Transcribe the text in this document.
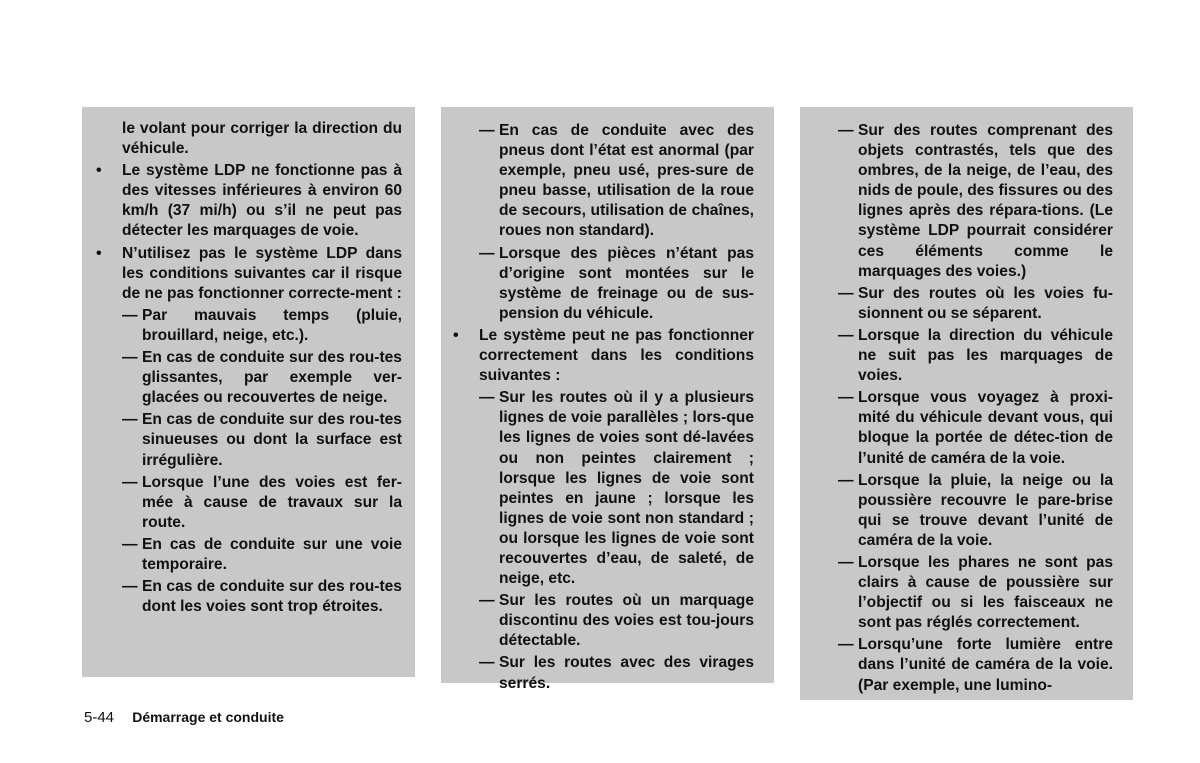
le volant pour corriger la direction du véhicule.

• Le système LDP ne fonctionne pas à des vitesses inférieures à environ 60 km/h (37 mi/h) ou s’il ne peut pas détecter les marquages de voie.

• N’utilisez pas le système LDP dans les conditions suivantes car il risque de ne pas fonctionner correcte-ment :

— Par mauvais temps (pluie, brouillard, neige, etc.).

— En cas de conduite sur des rou-tes glissantes, par exemple ver-glacées ou recouvertes de neige.

— En cas de conduite sur des rou-tes sinueuses ou dont la surface est irrégulière.

— Lorsque l’une des voies est fer-mée à cause de travaux sur la route.

— En cas de conduite sur une voie temporaire.

— En cas de conduite sur des rou-tes dont les voies sont trop étroites.

— En cas de conduite avec des pneus dont l’état est anormal (par exemple, pneu usé, pres-sure de pneu basse, utilisation de la roue de secours, utilisation de chaînes, roues non standard).

— Lorsque des pièces n’étant pas d’origine sont montées sur le système de freinage ou de sus-pension du véhicule.

• Le système peut ne pas fonctionner correctement dans les conditions suivantes :

— Sur les routes où il y a plusieurs lignes de voie parallèles ; lors-que les lignes de voies sont dé-lavées ou non peintes clairement ; lorsque les lignes de voie sont peintes en jaune ; lorsque les lignes de voie sont non standard ; ou lorsque les lignes de voie sont recouvertes d’eau, de saleté, de neige, etc.

— Sur les routes où un marquage discontinu des voies est tou-jours détectable.

— Sur les routes avec des virages serrés.

— Sur des routes comprenant des objets contrastés, tels que des ombres, de la neige, de l’eau, des nids de poule, des fissures ou des lignes après des répara-tions. (Le système LDP pourrait considérer ces éléments comme le marquages des voies.)

— Sur des routes où les voies fu-sionnent ou se séparent.

— Lorsque la direction du véhicule ne suit pas les marquages de voies.

— Lorsque vous voyagez à proxi-mité du véhicule devant vous, qui bloque la portée de détec-tion de l’unité de caméra de la voie.

— Lorsque la pluie, la neige ou la poussière recouvre le pare-brise qui se trouve devant l’unité de caméra de la voie.

— Lorsque les phares ne sont pas clairs à cause de poussière sur l’objectif ou si les faisceaux ne sont pas réglés correctement.

— Lorsqu’une forte lumière entre dans l’unité de caméra de la voie. (Par exemple, une lumino-

5-44 Démarrage et conduite
